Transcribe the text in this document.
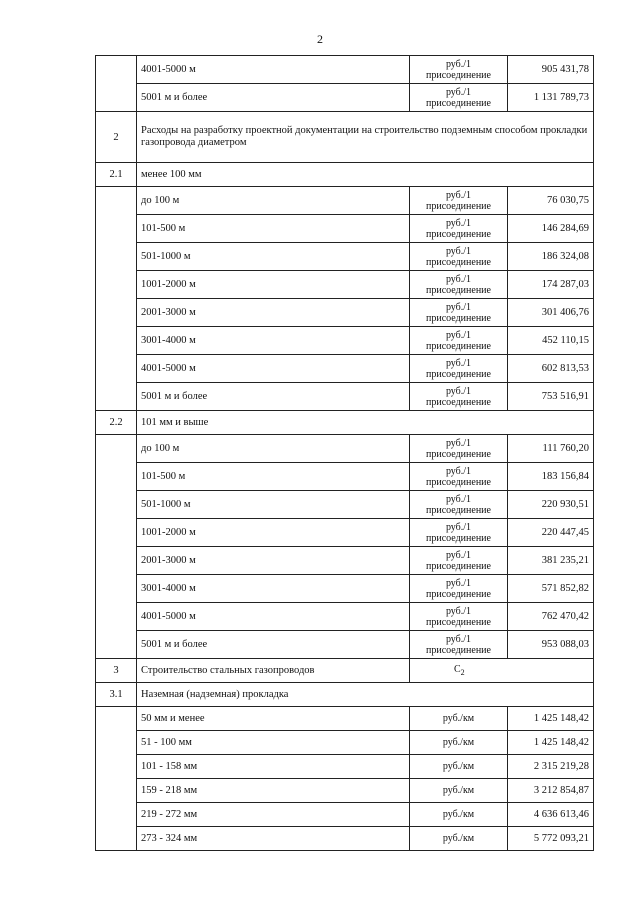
2
	4001-5000 м	руб./1 присоединение	905 431,78
	5001 м и более	руб./1 присоединение	1 131 789,73
2	Расходы на разработку проектной документации на строительство подземным способом прокладки газопровода диаметром		
2.1	менее 100 мм		
	до 100 м	руб./1 присоединение	76 030,75
	101-500 м	руб./1 присоединение	146 284,69
	501-1000 м	руб./1 присоединение	186 324,08
	1001-2000 м	руб./1 присоединение	174 287,03
	2001-3000 м	руб./1 присоединение	301 406,76
	3001-4000 м	руб./1 присоединение	452 110,15
	4001-5000 м	руб./1 присоединение	602 813,53
	5001 м и более	руб./1 присоединение	753 516,91
2.2	101 мм и выше		
	до 100 м	руб./1 присоединение	111 760,20
	101-500 м	руб./1 присоединение	183 156,84
	501-1000 м	руб./1 присоединение	220 930,51
	1001-2000 м	руб./1 присоединение	220 447,45
	2001-3000 м	руб./1 присоединение	381 235,21
	3001-4000 м	руб./1 присоединение	571 852,82
	4001-5000 м	руб./1 присоединение	762 470,42
	5001 м и более	руб./1 присоединение	953 088,03
3	Строительство стальных газопроводов	$C_2$
3.1	Наземная (надземная) прокладка		
	50 мм и менее	руб./км	1 425 148,42
	51 - 100 мм	руб./км	1 425 148,42
	101 - 158 мм	руб./км	2 315 219,28
	159 - 218 мм	руб./км	3 212 854,87
	219 - 272 мм	руб./км	4 636 613,46
	273 - 324 мм	руб./км	5 772 093,21
